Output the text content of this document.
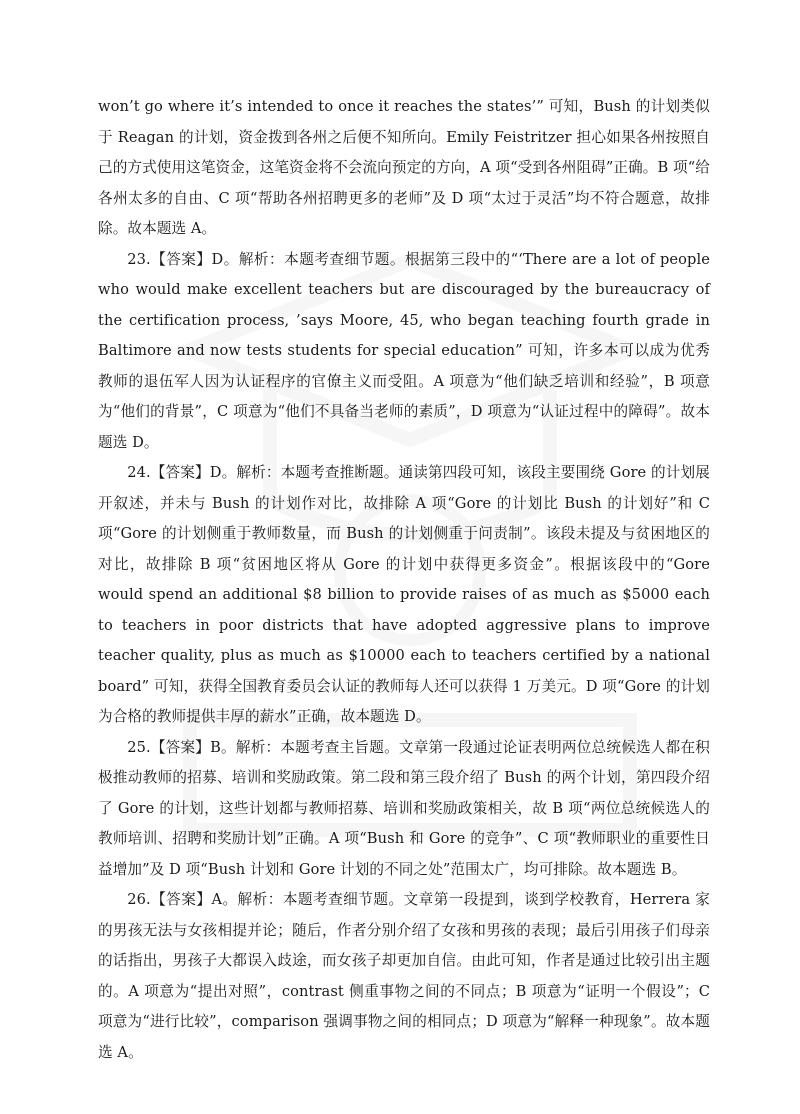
won’t go where it’s intended to once it reaches the states’” 可知，Bush 的计划类似于 Reagan 的计划，资金拨到各州之后便不知所向。Emily Feistritzer 担心如果各州按照自己的方式使用这笔资金，这笔资金将不会流向预定的方向，A 项“受到各州阻碍”正确。B 项“给各州太多的自由、C 项“帮助各州招聘更多的老师”及 D 项“太过于灵活”均不符合题意，故排除。故本题选 A。

23.【答案】D。解析：本题考查细节题。根据第三段中的“‘There are a lot of people who would make excellent teachers but are discouraged by the bureaucracy of the certification process, ’says Moore, 45, who began teaching fourth grade in Baltimore and now tests students for special education” 可知，许多本可以成为优秀教师的退伍军人因为认证程序的官僚主义而受阻。A 项意为“他们缺乏培训和经验”，B 项意为“他们的背景”，C 项意为“他们不具备当老师的素质”，D 项意为“认证过程中的障碍”。故本题选 D。

24.【答案】D。解析：本题考查推断题。通读第四段可知，该段主要围绕 Gore 的计划展开叙述，并未与 Bush 的计划作对比，故排除 A 项“Gore 的计划比 Bush 的计划好”和 C 项“Gore 的计划侧重于教师数量，而 Bush 的计划侧重于问责制”。该段未提及与贫困地区的对比，故排除 B 项“贫困地区将从 Gore 的计划中获得更多资金”。根据该段中的“Gore would spend an additional $8 billion to provide raises of as much as $5000 each to teachers in poor districts that have adopted aggressive plans to improve teacher quality, plus as much as $10000 each to teachers certified by a national board” 可知，获得全国教育委员会认证的教师每人还可以获得 1 万美元。D 项“Gore 的计划为合格的教师提供丰厚的薪水”正确，故本题选 D。

25.【答案】B。解析：本题考查主旨题。文章第一段通过论证表明两位总统候选人都在积极推动教师的招募、培训和奖励政策。第二段和第三段介绍了 Bush 的两个计划，第四段介绍了 Gore 的计划，这些计划都与教师招募、培训和奖励政策相关，故 B 项“两位总统候选人的教师培训、招聘和奖励计划”正确。A 项“Bush 和 Gore 的竞争”、C 项“教师职业的重要性日益增加”及 D 项“Bush 计划和 Gore 计划的不同之处”范围太广，均可排除。故本题选 B。

26.【答案】A。解析：本题考查细节题。文章第一段提到，谈到学校教育，Herrera 家的男孩无法与女孩相提并论；随后，作者分别介绍了女孩和男孩的表现；最后引用孩子们母亲的话指出，男孩子大都误入歧途，而女孩子却更加自信。由此可知，作者是通过比较引出主题的。A 项意为“提出对照”，contrast 侧重事物之间的不同点；B 项意为“证明一个假设”；C 项意为“进行比较”，comparison 强调事物之间的相同点；D 项意为“解释一种现象”。故本题选 A。
